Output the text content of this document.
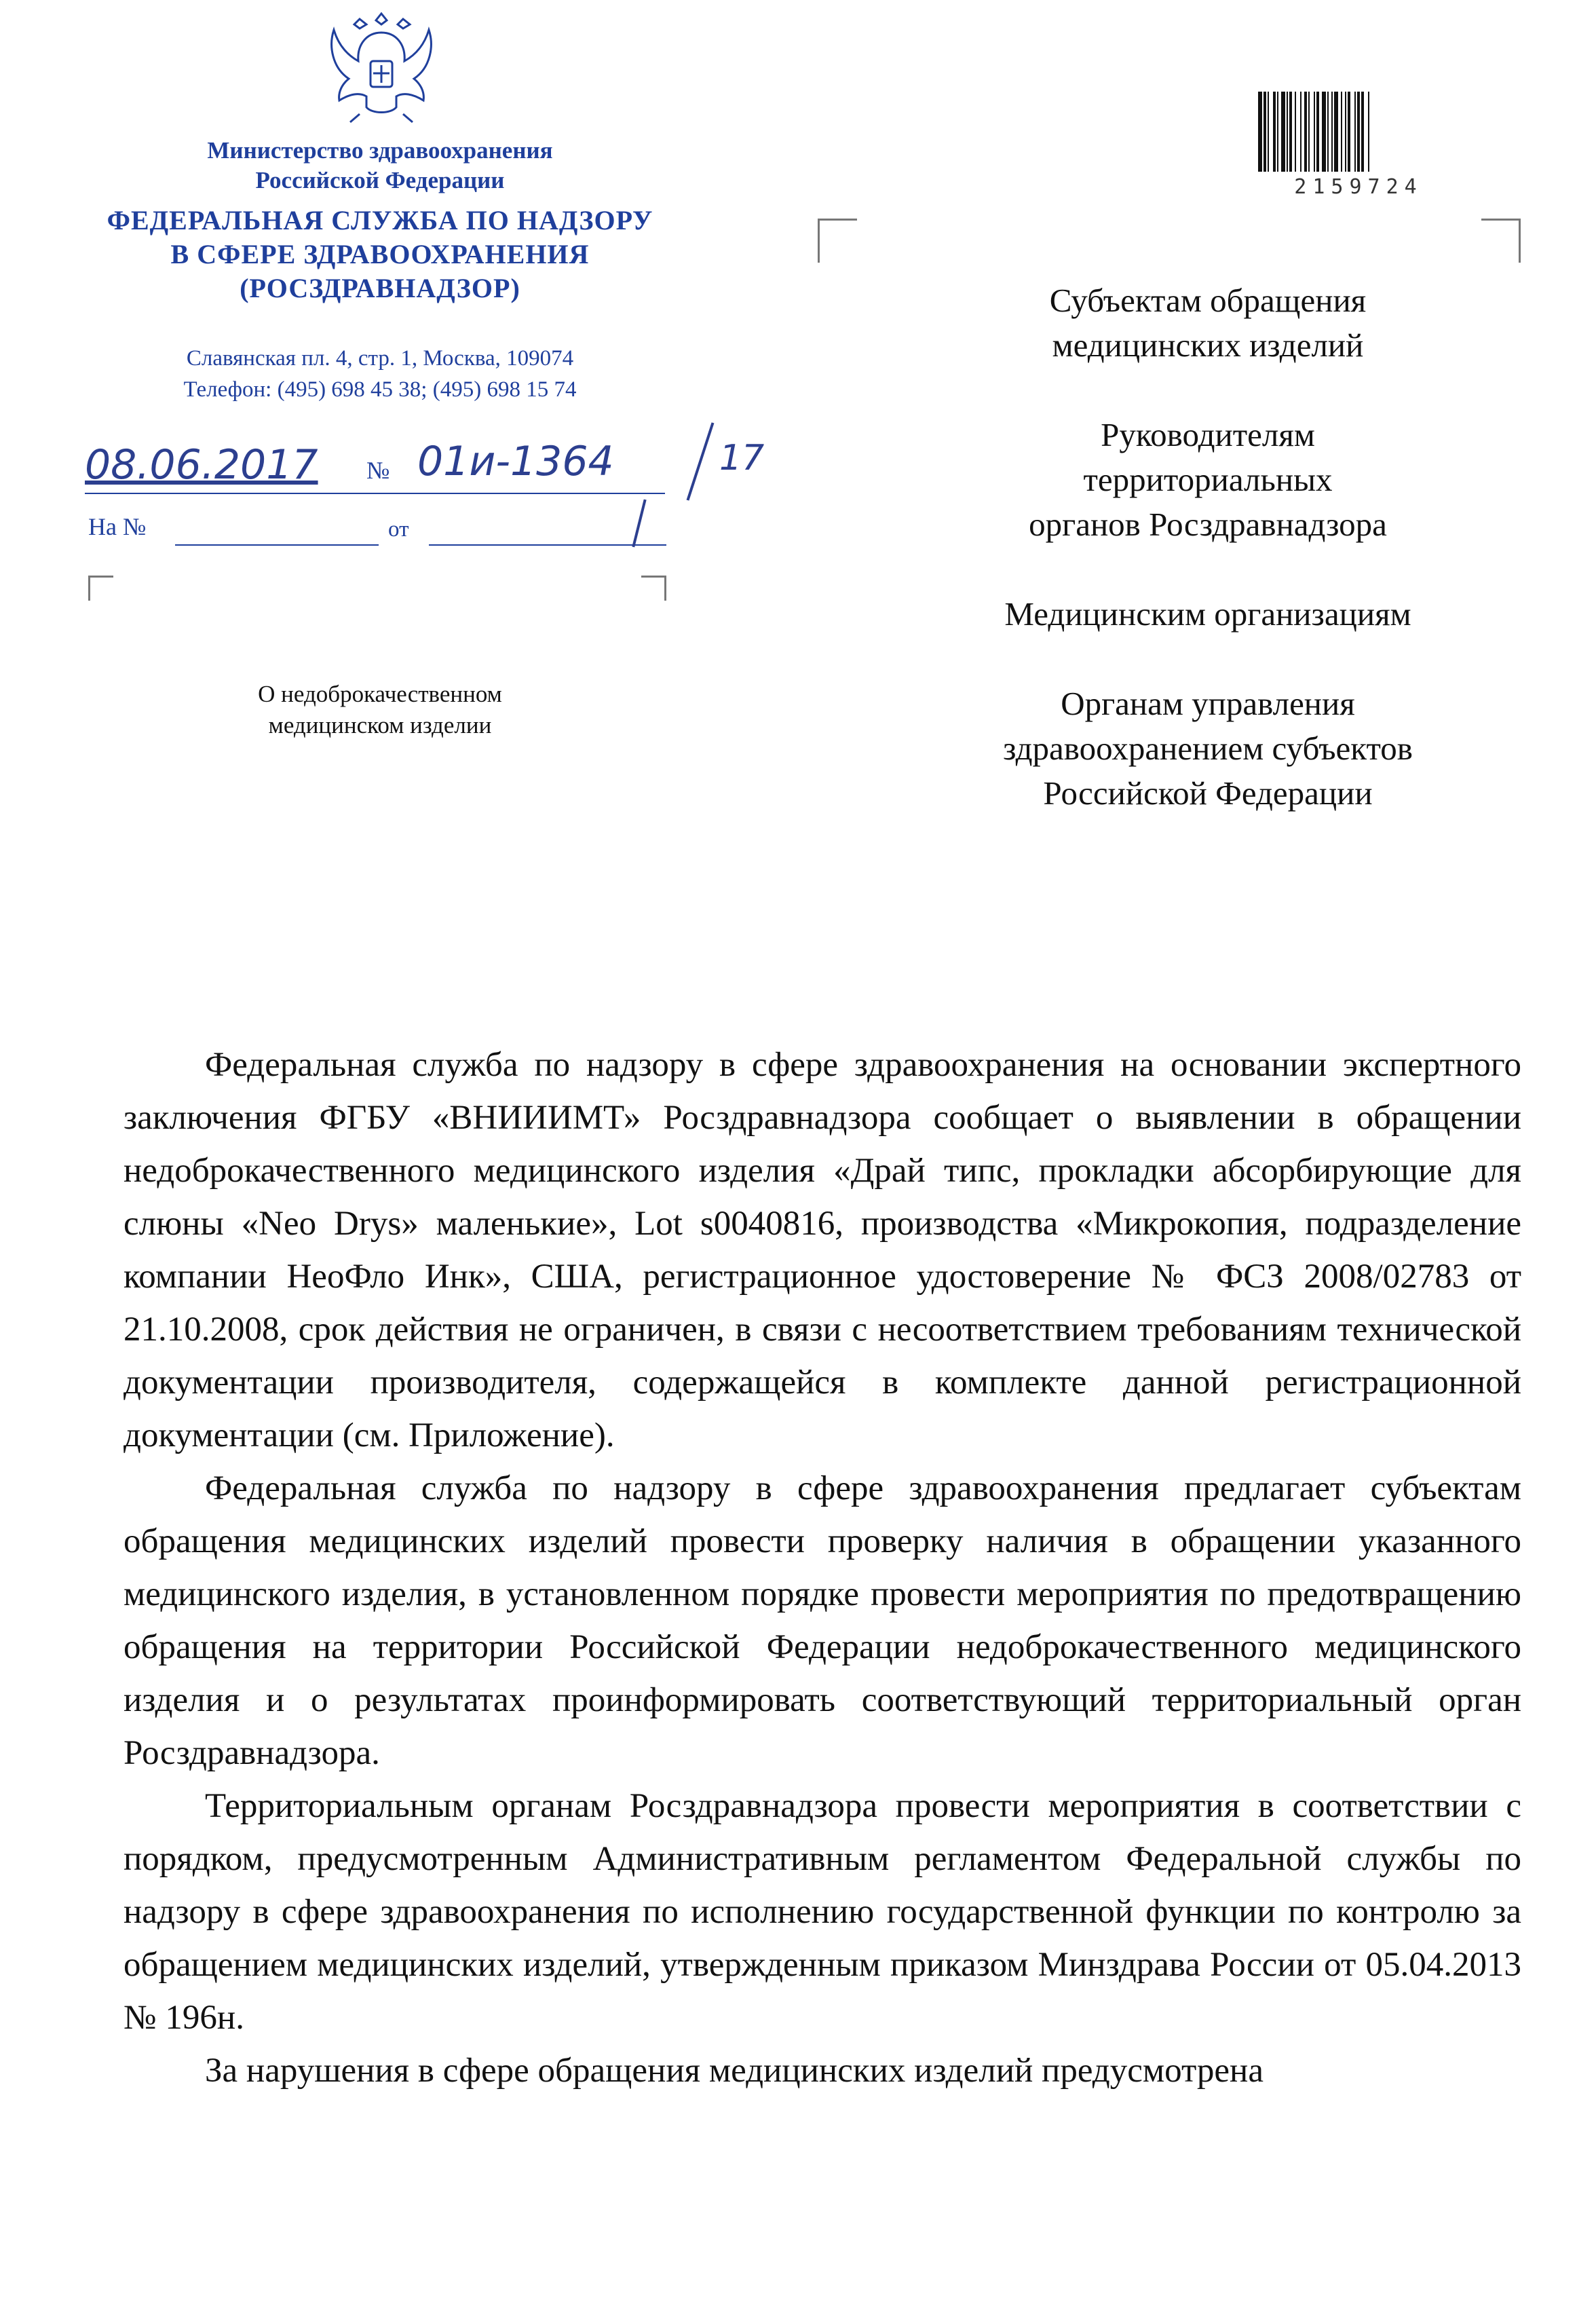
Министерство здравоохранения
Российской Федерации
ФЕДЕРАЛЬНАЯ СЛУЖБА ПО НАДЗОРУ
В СФЕРЕ ЗДРАВООХРАНЕНИЯ
(РОСЗДРАВНАДЗОР)
Славянская пл. 4, стр. 1, Москва, 109074
Телефон: (495) 698 45 38; (495) 698 15 74
08.06.2017 № 01и-1364	17
На №	от
О недоброкачественном
медицинском изделии
2159724
Субъектам обращения
медицинских изделий
Руководителям
территориальных
органов Росздравнадзора
Медицинским организациям
Органам управления
здравоохранением субъектов
Российской Федерации

Федеральная служба по надзору в сфере здравоохранения на основании экспертного заключения ФГБУ «ВНИИИМТ» Росздравнадзора сообщает о выявлении в обращении недоброкачественного медицинского изделия «Драй типс, прокладки абсорбирующие для слюны «Neo Drys» маленькие», Lot s0040816, производства «Микрокопия, подразделение компании НеоФло Инк», США, регистрационное удостоверение № ФСЗ 2008/02783 от 21.10.2008, срок действия не ограничен, в связи с несоответствием требованиям технической документации производителя, содержащейся в комплекте данной регистрационной документации (см. Приложение).

Федеральная служба по надзору в сфере здравоохранения предлагает субъектам обращения медицинских изделий провести проверку наличия в обращении указанного медицинского изделия, в установленном порядке провести мероприятия по предотвращению обращения на территории Российской Федерации недоброкачественного медицинского изделия и о результатах проинформировать соответствующий территориальный орган Росздравнадзора.

Территориальным органам Росздравнадзора провести мероприятия в соответствии с порядком, предусмотренным Административным регламентом Федеральной службы по надзору в сфере здравоохранения по исполнению государственной функции по контролю за обращением медицинских изделий, утвержденным приказом Минздрава России от 05.04.2013 № 196н.

За нарушения в сфере обращения медицинских изделий предусмотрена
